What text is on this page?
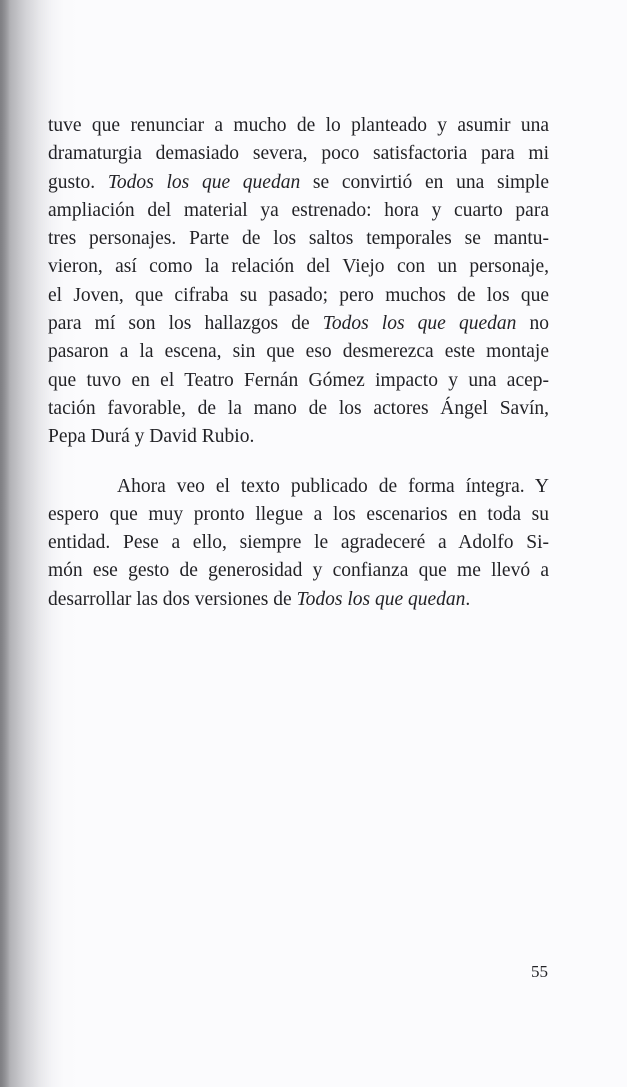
tuve que renunciar a mucho de lo planteado y asumir una
dramaturgia demasiado severa, poco satisfactoria para mi
gusto. Todos los que quedan se convirtió en una simple
ampliación del material ya estrenado: hora y cuarto para
tres personajes. Parte de los saltos temporales se mantu-
vieron, así como la relación del Viejo con un personaje,
el Joven, que cifraba su pasado; pero muchos de los que
para mí son los hallazgos de Todos los que quedan no
pasaron a la escena, sin que eso desmerezca este montaje
que tuvo en el Teatro Fernán Gómez impacto y una acep-
tación favorable, de la mano de los actores Ángel Savín,
Pepa Durá y David Rubio.
Ahora veo el texto publicado de forma íntegra. Y
espero que muy pronto llegue a los escenarios en toda su
entidad. Pese a ello, siempre le agradeceré a Adolfo Si-
món ese gesto de generosidad y confianza que me llevó a
desarrollar las dos versiones de Todos los que quedan.
55
